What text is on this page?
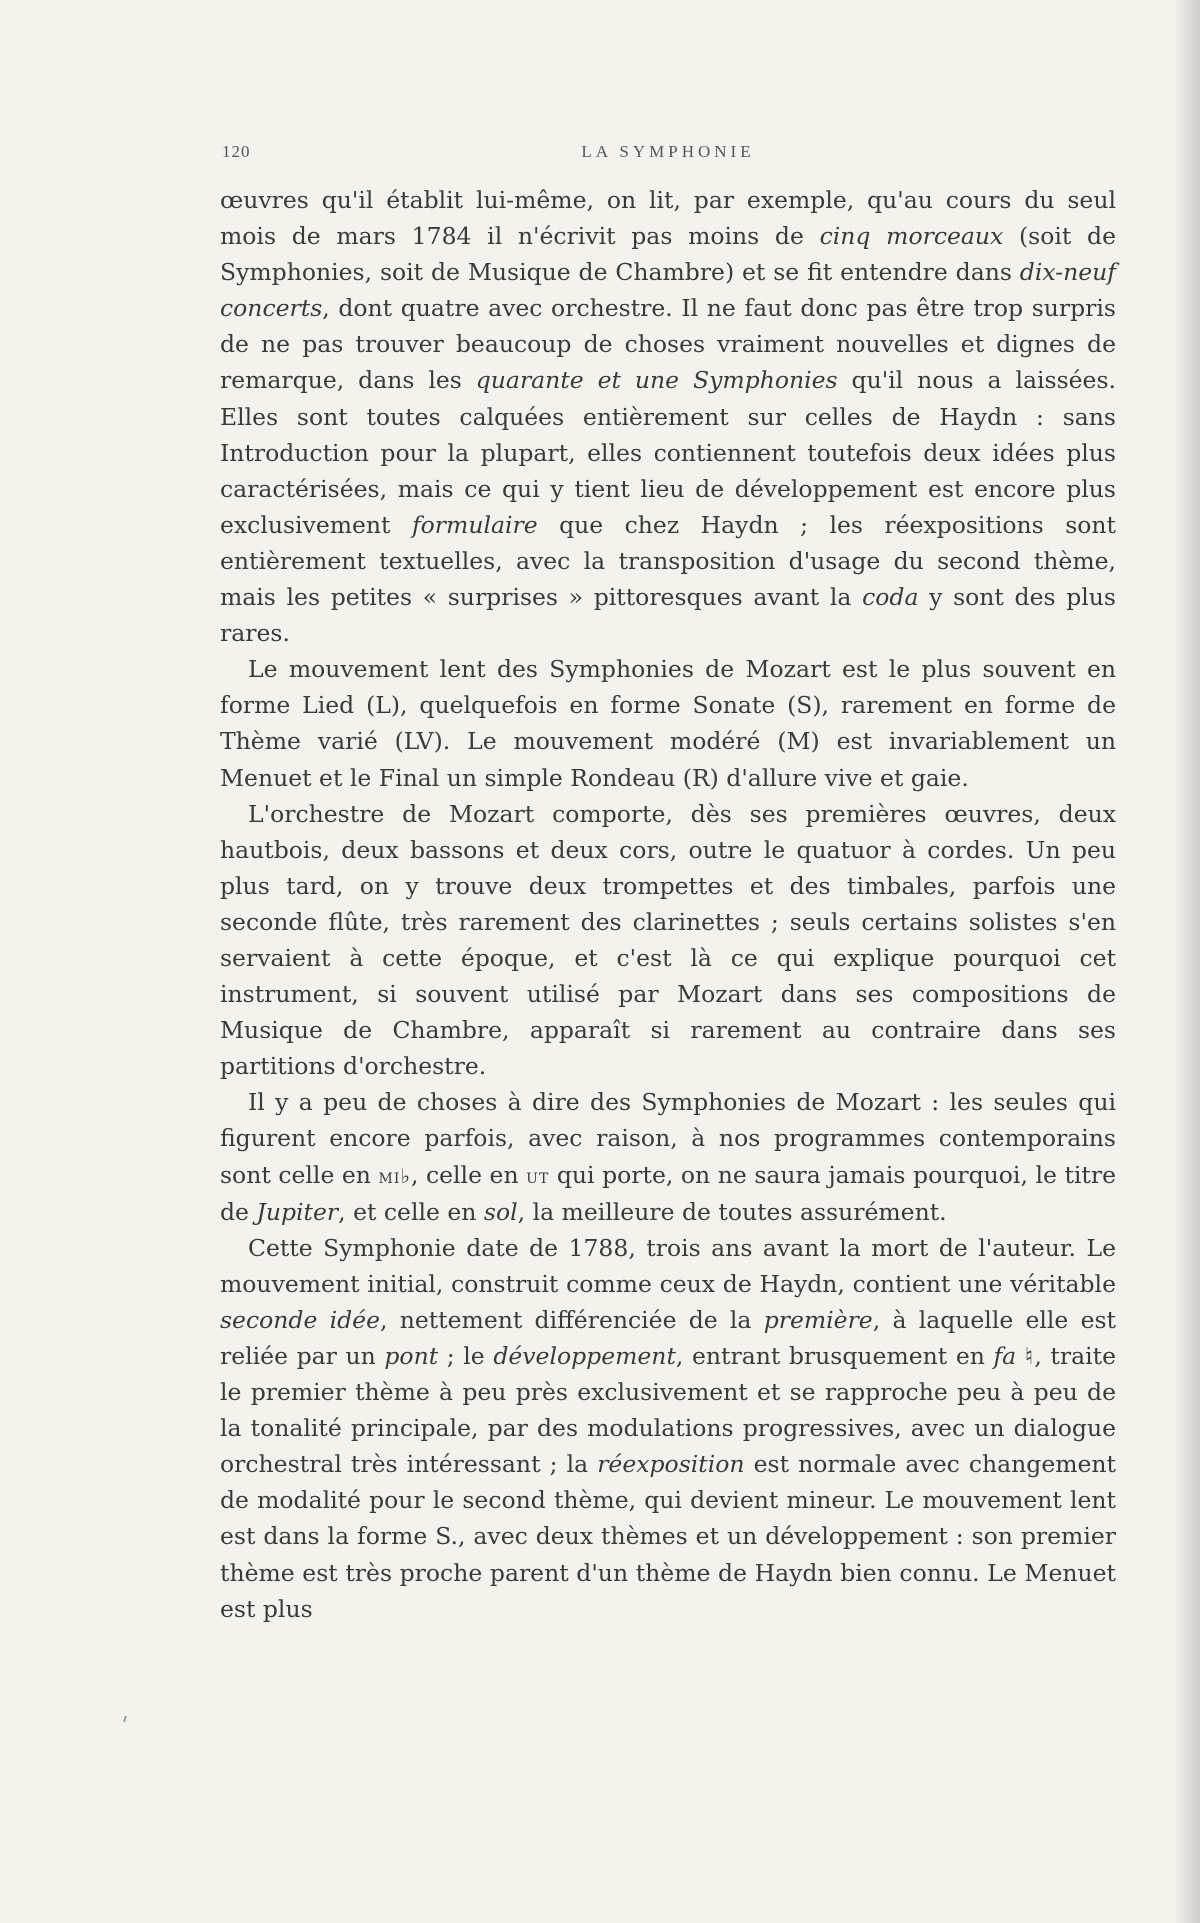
120	LA SYMPHONIE

œuvres qu'il établit lui-même, on lit, par exemple, qu'au cours du seul mois de mars 1784 il n'écrivit pas moins de cinq morceaux (soit de Symphonies, soit de Musique de Chambre) et se fit entendre dans dix-neuf concerts, dont quatre avec orchestre. Il ne faut donc pas être trop surpris de ne pas trouver beaucoup de choses vraiment nouvelles et dignes de remarque, dans les quarante et une Symphonies qu'il nous a laissées. Elles sont toutes calquées entièrement sur celles de Haydn : sans Introduction pour la plupart, elles contiennent toutefois deux idées plus caractérisées, mais ce qui y tient lieu de développement est encore plus exclusivement formulaire que chez Haydn ; les réexpositions sont entièrement textuelles, avec la transposition d'usage du second thème, mais les petites « surprises » pittoresques avant la coda y sont des plus rares.

Le mouvement lent des Symphonies de Mozart est le plus souvent en forme Lied (L), quelquefois en forme Sonate (S), rarement en forme de Thème varié (LV). Le mouvement modéré (M) est invariablement un Menuet et le Final un simple Rondeau (R) d'allure vive et gaie.

L'orchestre de Mozart comporte, dès ses premières œuvres, deux hautbois, deux bassons et deux cors, outre le quatuor à cordes. Un peu plus tard, on y trouve deux trompettes et des timbales, parfois une seconde flûte, très rarement des clarinettes ; seuls certains solistes s'en servaient à cette époque, et c'est là ce qui explique pourquoi cet instrument, si souvent utilisé par Mozart dans ses compositions de Musique de Chambre, apparaît si rarement au contraire dans ses partitions d'orchestre.

Il y a peu de choses à dire des Symphonies de Mozart : les seules qui figurent encore parfois, avec raison, à nos programmes contemporains sont celle en mi♭, celle en ut qui porte, on ne saura jamais pourquoi, le titre de Jupiter, et celle en sol, la meilleure de toutes assurément.

Cette Symphonie date de 1788, trois ans avant la mort de l'auteur. Le mouvement initial, construit comme ceux de Haydn, contient une véritable seconde idée, nettement différenciée de la première, à laquelle elle est reliée par un pont ; le développement, entrant brusquement en fa ♮, traite le premier thème à peu près exclusivement et se rapproche peu à peu de la tonalité principale, par des modulations progressives, avec un dialogue orchestral très intéressant ; la réexposition est normale avec changement de modalité pour le second thème, qui devient mineur. Le mouvement lent est dans la forme S., avec deux thèmes et un développement : son premier thème est très proche parent d'un thème de Haydn bien connu. Le Menuet est plus
